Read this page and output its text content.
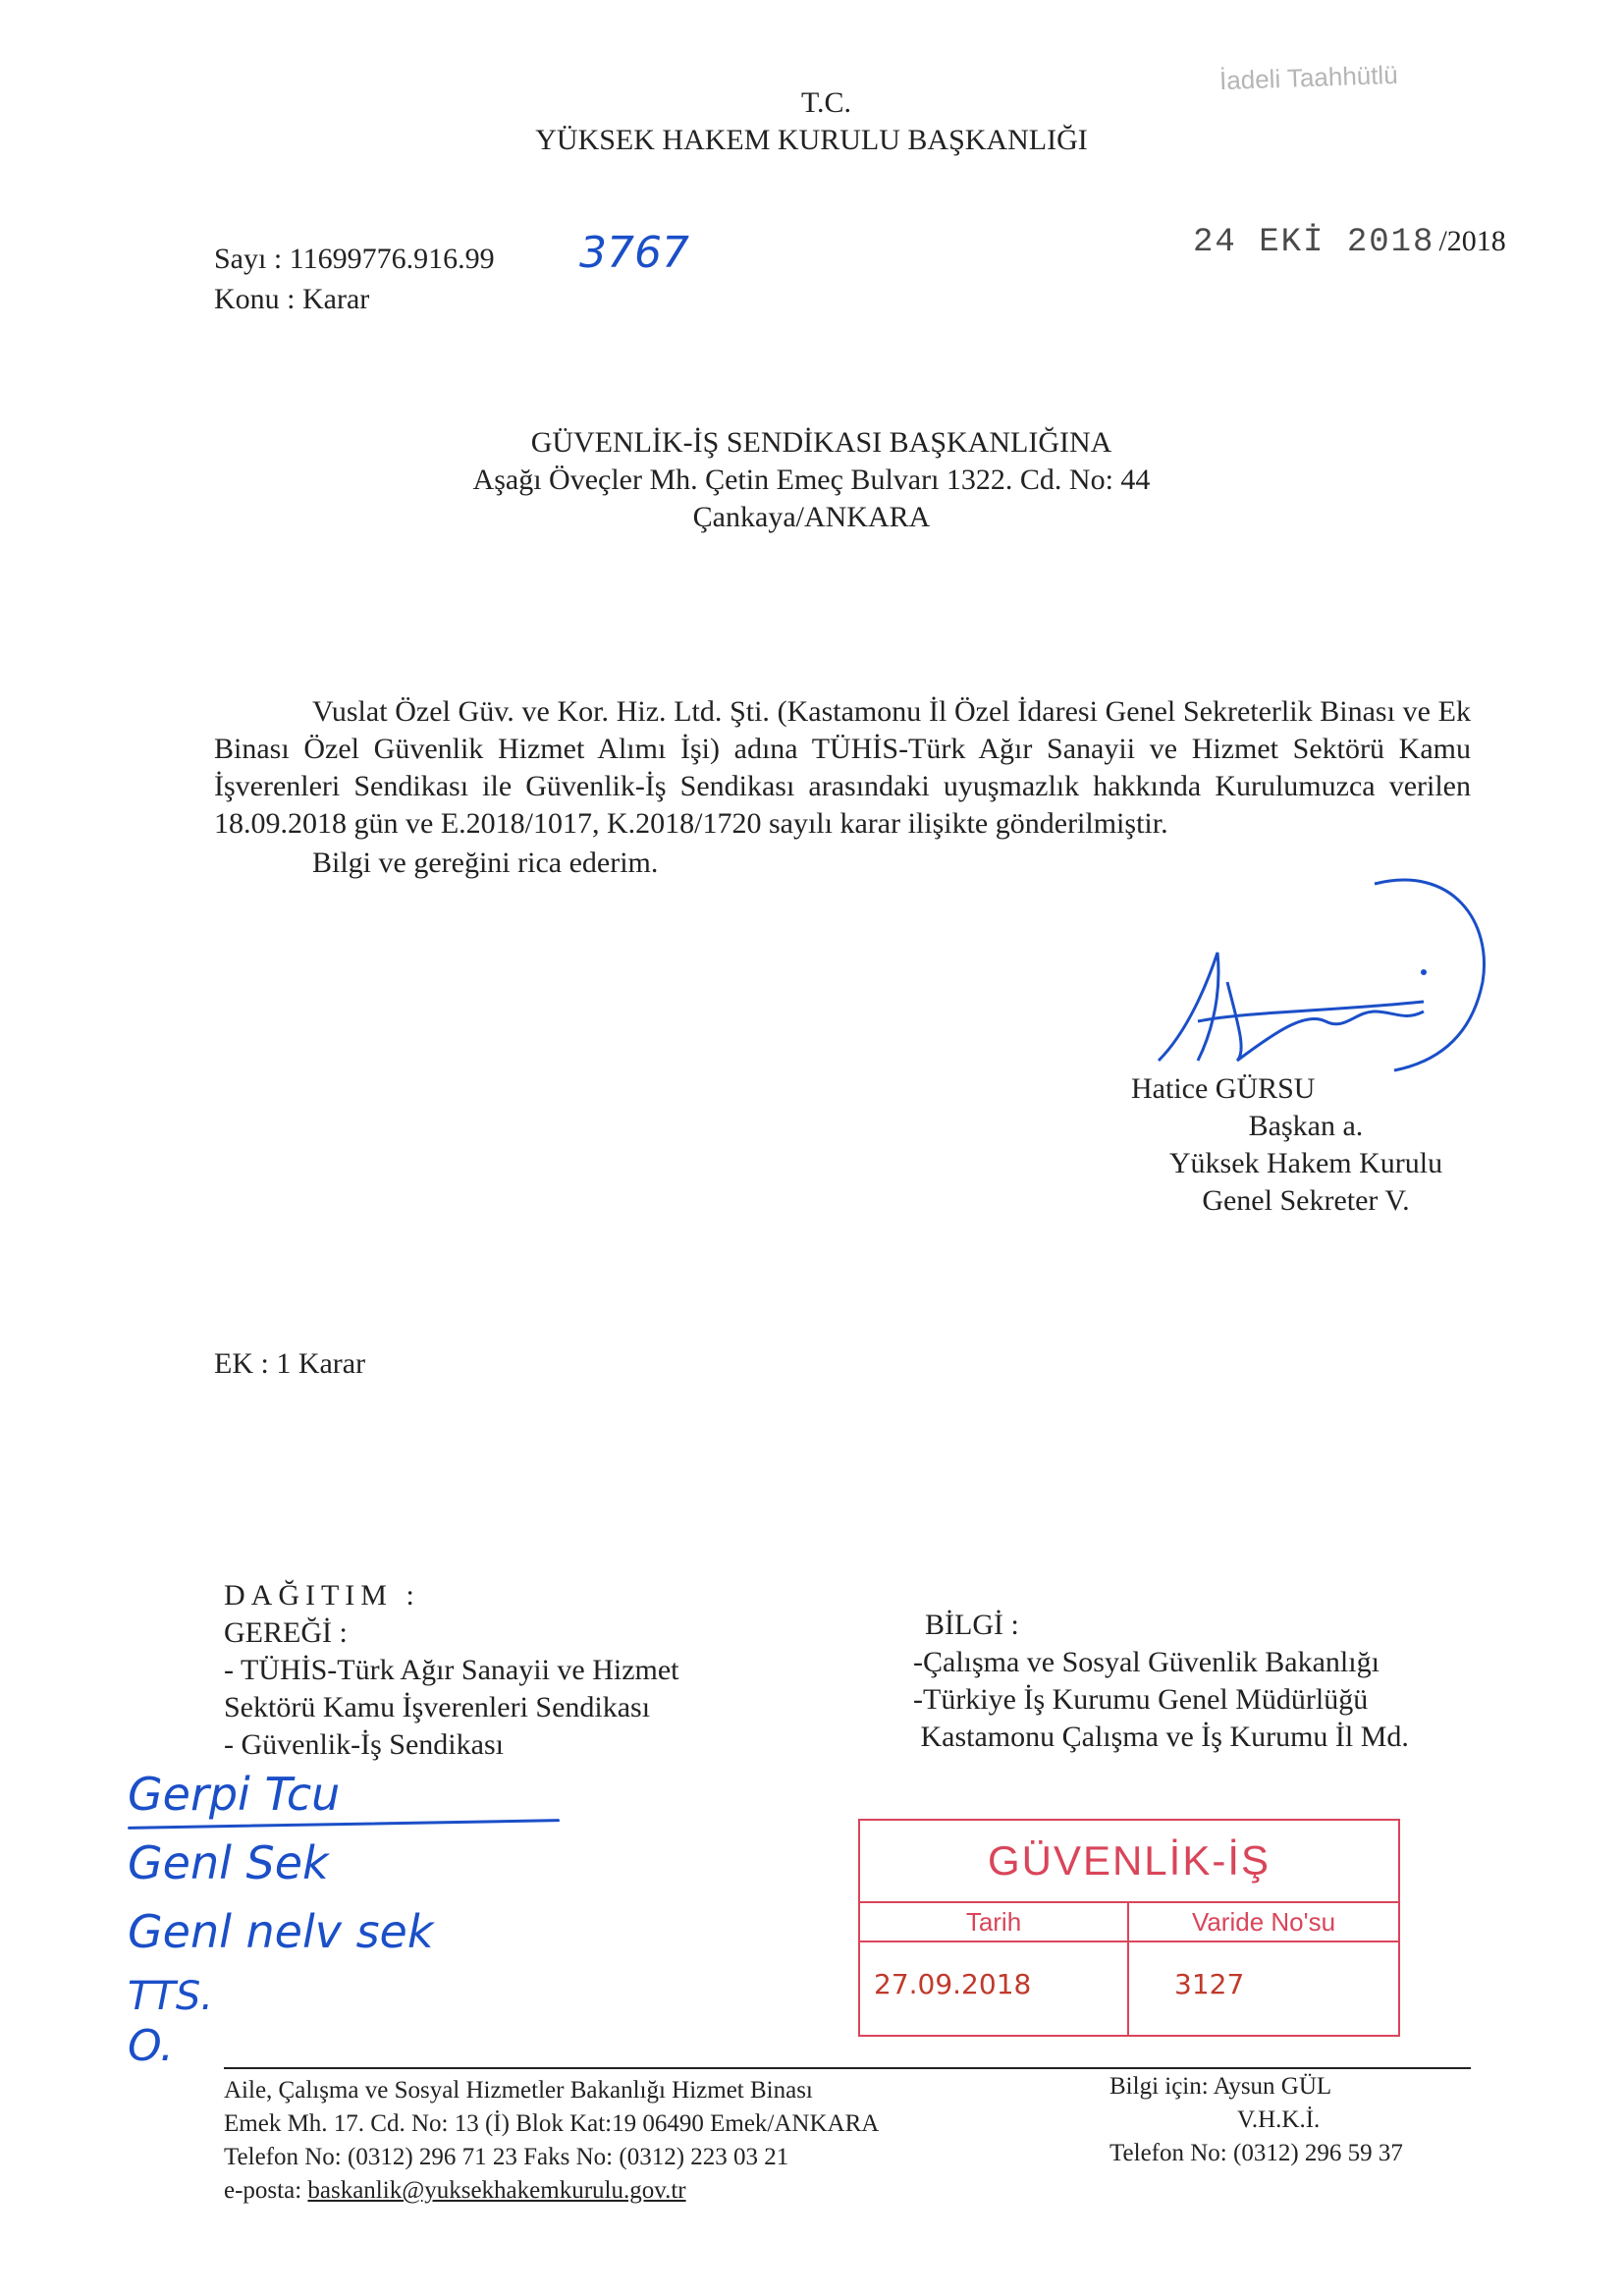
T.C.
YÜKSEK HAKEM KURULU BAŞKANLIĞI
İadeli Taahhütlü
Sayı : 11699776.916.99 3767
Konu : Karar
24 EKİ 2018 /2018
GÜVENLİK-İŞ SENDİKASI BAŞKANLIĞINA
Aşağı Öveçler Mh. Çetin Emeç Bulvarı 1322. Cd. No: 44
Çankaya/ANKARA

Vuslat Özel Güv. ve Kor. Hiz. Ltd. Şti. (Kastamonu İl Özel İdaresi Genel Sekreterlik Binası ve Ek Binası Özel Güvenlik Hizmet Alımı İşi) adına TÜHİS-Türk Ağır Sanayii ve Hizmet Sektörü Kamu İşverenleri Sendikası ile Güvenlik-İş Sendikası arasındaki uyuşmazlık hakkında Kurulumuzca verilen 18.09.2018 gün ve E.2018/1017, K.2018/1720 sayılı karar ilişikte gönderilmiştir.

Bilgi ve gereğini rica ederim.

Hatice GÜRSU
Başkan a.
Yüksek Hakem Kurulu
Genel Sekreter V.
EK : 1 Karar
DAĞITIM :
GEREĞİ :
- TÜHİS-Türk Ağır Sanayii ve Hizmet
Sektörü Kamu İşverenleri Sendikası
- Güvenlik-İş Sendikası
BİLGİ :
-Çalışma ve Sosyal Güvenlik Bakanlığı
-Türkiye İş Kurumu Genel Müdürlüğü
Kastamonu Çalışma ve İş Kurumu İl Md.
Gerpi Tcu
Genl Sek
Genl nelv sek
TTS.
O.
GÜVENLİK-İŞ
Tarih	Varide No'su
27.09.2018	3127
Aile, Çalışma ve Sosyal Hizmetler Bakanlığı Hizmet Binası
Emek Mh. 17. Cd. No: 13 (İ) Blok Kat:19 06490 Emek/ANKARA
Telefon No: (0312) 296 71 23 Faks No: (0312) 223 03 21
e-posta: baskanlik@yuksekhakemkurulu.gov.tr
Bilgi için: Aysun GÜL
V.H.K.İ.
Telefon No: (0312) 296 59 37
